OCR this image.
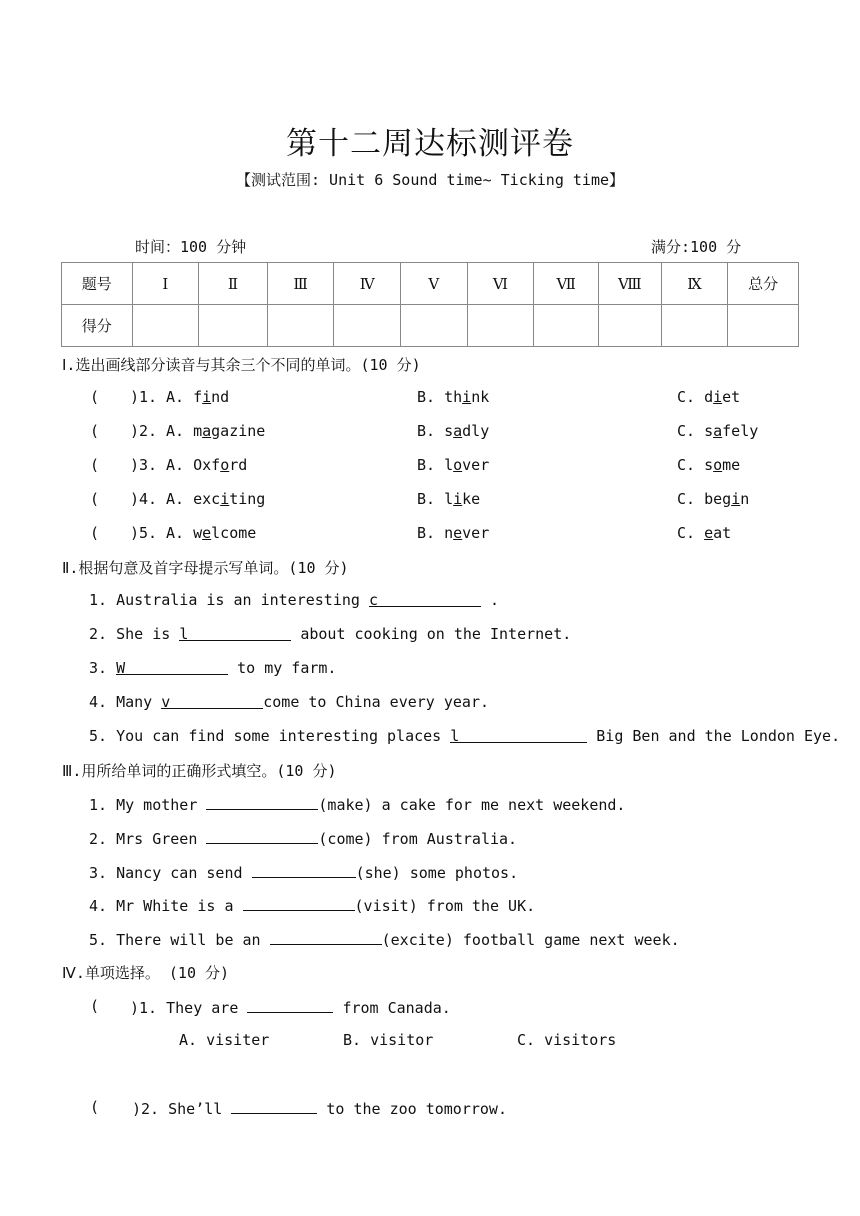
第十二周达标测评卷
【测试范围: Unit 6 Sound time~ Ticking time】
时间：100 分钟	满分:100 分
题号	Ⅰ	Ⅱ	Ⅲ	Ⅳ	Ⅴ	Ⅵ	Ⅶ	Ⅷ	Ⅸ	总分
得分										
Ⅰ.选出画线部分读音与其余三个不同的单词。(10 分)
( )1. A. find	B. think	C. diet
( )2. A. magazine	B. sadly	C. safely
( )3. A. Oxford	B. lover	C. some
( )4. A. exciting	B. like	C. begin
( )5. A. welcome	B. never	C. eat
Ⅱ.根据句意及首字母提示写单词。(10 分)
1. Australia is an interesting c	.
2. She is l	about cooking on the Internet.
3. W	to my farm.
4. Many v	come to China every year.
5. You can find some interesting places l	Big Ben and the London Eye.
Ⅲ.用所给单词的正确形式填空。(10 分)
1. My mother	(make) a cake for me next weekend.
2. Mrs Green	(come) from Australia.
3. Nancy can send	(she) some photos.
4. Mr White is a	(visit) from the UK.
5. There will be an	(excite) football game next week.
Ⅳ.单项选择。 (10 分)
( )1. They are	from Canada.
A. visiter	B. visitor	C. visitors
( )2. She’ll	to the zoo tomorrow.
